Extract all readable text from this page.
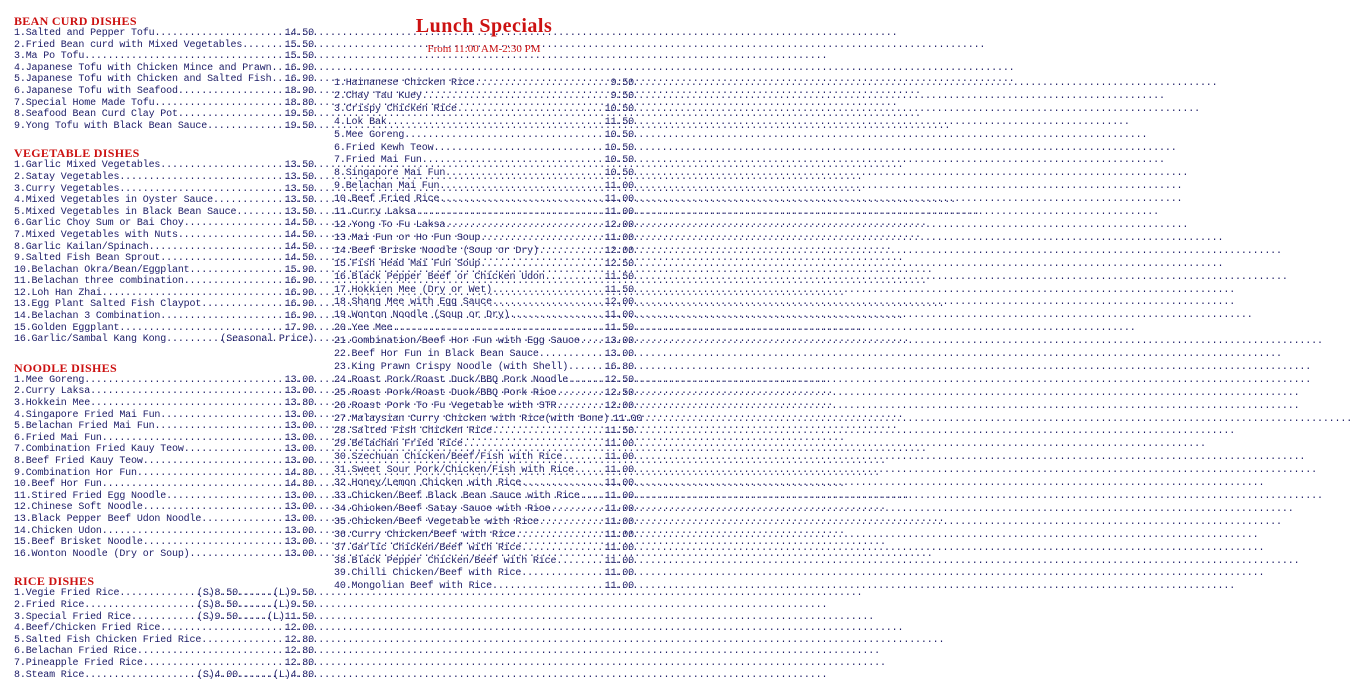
BEAN CURD DISHES
1.Salted and Pepper Tofu .....	14.50
2.Fried Bean curd with Mixed Vegetables .....	15.50
3.Ma Po Tofu .....	15.50
4.Japanese Tofu with Chicken Mince and Prawn ..... 16.90
5.Japanese Tofu with Chicken and Salted Fish ..... 16.90
6.Japanese Tofu with Seafood .....	18.90
7.Special Home Made Tofu .....	18.80
8.Seafood Bean Curd Clay Pot .....	19.50
9.Yong Tofu with Black Bean Sauce .....	19.50
VEGETABLE DISHES
1.Garlic Mixed Vegetables .....	13.50
2.Satay Vegetables .....	13.50
3.Curry Vegetables .....	13.50
4.Mixed Vegetables in Oyster Sauce .....	13.50
5.Mixed Vegetables in Black Bean Sauce .....	13.50
6.Garlic Choy Sum or Bai Choy .....	14.50
7.Mixed Vegetables with Nuts .....	14.50
8.Garlic Kailan/Spinach .....	14.50
9.Salted Fish Bean Sprout .....	14.50
10.Belachan Okra/Bean/Eggplant .....	15.90
11.Belachan three combination .....	16.90
12.Loh Han Zhai .....	16.90
13.Egg Plant Salted Fish Claypot .....	16.90
14.Belachan 3 Combination .....	16.90
15.Golden Eggplant .....	17.90
16.Garlic/Sambal Kang Kong .....	(Seasonal Price)
NOODLE DISHES
1.Mee Goreng .....	13.00
2.Curry Laksa .....	13.00
3.Hokkein Mee .....	13.80
4.Singapore Fried Mai Fun .....	13.00
5.Belachan Fried Mai Fun .....	13.00
6.Fried Mai Fun .....	13.00
7.Combination Fried Kauy Teow .....	13.00
8.Beef Fried Kauy Teow .....	13.00
9.Combination Hor Fun .....	14.80
10.Beef Hor Fun .....	14.80
11.Stired Fried Egg Noodle .....	13.00
12.Chinese Soft Noodle .....	13.00
13.Black Pepper Beef Udon Noodle .....	13.00
14.Chicken Udon .....	13.00
15.Beef Brisket Noodle .....	13.00
16.Wonton Noodle (Dry or Soup) .....	13.00
RICE DISHES
1.Vegie Fried Rice .....	(S)8.50......(L)9.50
2.Fried Rice .....	(S)8.50......(L)9.50
3.Special Fried Rice .....	(S)9.50.....(L)11.50
4.Beef/Chicken Fried Rice .....	12.00
5.Salted Fish Chicken Fried Rice .....	12.80
6.Belachan Fried Rice .....	12.80
7.Pineapple Fried Rice .....	12.80
8.Steam Rice .....	(S)4.00......(L)4.80
Lunch Specials

From 11:00 AM-2:30 PM

1.Hainanese Chicken Rice .....	9.50
2.Chay Tau Kuey .....	9.50
3.Crispy Chicken Rice .....	10.50
4.Lok Bak .....	11.50
5.Mee Goreng .....	10.50
6.Fried Kewh Teow .....	10.50
7.Fried Mai Fun .....	10.50
8.Singapore Mai Fun .....	10.50
9.Belachan Mai Fun .....	11.00
10.Beef Fried Rice .....	11.00
11.Curry Laksa .....	11.00
12.Yong To Fu Laksa .....	12.00
13.Mai Fun or Ho Fun Soup .....	11.00
14.Beef Briske Noodle (Soup or Dry) .....	12.00
15.Fish Head Mai Fun Soup .....	12.50
16.Black Pepper Beef or Chicken Udon .....	11.50
17.Hokkien Mee (Dry or Wet) .....	11.50
18.Shang Mee with Egg Sauce .....	12.00
19.Wonton Noodle (Soup or Dry) .....	11.00
20.Yee Mee .....	11.50
21.Combination/Beef Hor Fun with Egg Sauce ..... 13.00
22.Beef Hor Fun in Black Bean Sauce .....	13.00
23.King Prawn Crispy Noodle (with Shell) .....	16.80
24.Roast Pork/Roast Duck/BBQ Pork Noodle .....	12.50
25.Roast Pork/Roast Duck/BBQ Pork Rice .....	12.50
26.Roast Pork To Fu Vegetable with STR .....	12.00
27.Malaysian Curry Chicken with Rice(with Bone) ..... 11.00
28.Salted Fish Chicken Rice .....	11.50
29.Belachan Fried Rice .....	11.00
30.Szechuan Chicken/Beef/Fish with Rice .....	11.00
31.Sweet Sour Pork/Chicken/Fish with Rice .....	11.00
32.Honey/Lemon Chicken with Rice .....	11.00
33.Chicken/Beef Black Bean Sauce with Rice ..... 11.00
34.Chicken/Beef Satay Sauce with Rice .....	11.00
35.Chicken/Beef Vegetable with Rice .....	11.00
36.Curry Chicken/Beef with Rice .....	11.00
37.Garlic Chicken/Beef with Rice .....	11.00
38.Black Pepper Chicken/Beef with Rice .....	11.00
39.Chilli Chicken/Beef with Rice .....	11.00
40.Mongolian Beef with Rice .....	11.00
